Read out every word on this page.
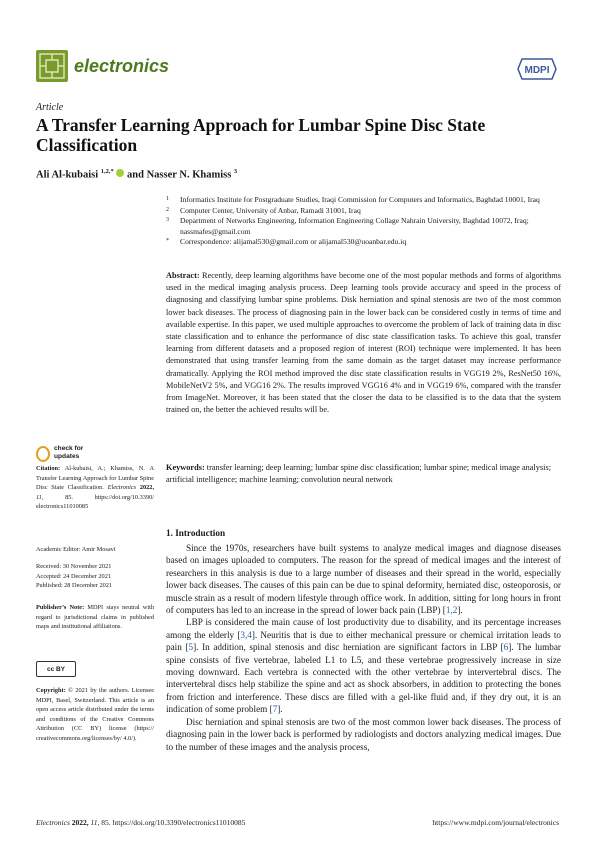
electronics	MDPI
Article
A Transfer Learning Approach for Lumbar Spine Disc State Classification
Ali Al-kubaisi $^{1,2,*}$ and Nasser N. Khamiss $^3$
1	Informatics Institute for Postgraduate Studies, Iraqi Commission for Computers and Informatics, Baghdad 10001, Iraq
2	Computer Center, University of Anbar, Ramadi 31001, Iraq
3	Department of Networks Engineering, Information Engineering Collage Nahrain University, Baghdad 10072, Iraq; nassmafes@gmail.com
*	Correspondence: alijamal530@gmail.com or alijamal530@uoanbar.edu.iq
Abstract: Recently, deep learning algorithms have become one of the most popular methods and forms of algorithms used in the medical imaging analysis process. Deep learning tools provide accuracy and speed in the process of diagnosing and classifying lumbar spine problems. Disk herniation and spinal stenosis are two of the most common lower back diseases. The process of diagnosing pain in the lower back can be considered costly in terms of time and available expertise. In this paper, we used multiple approaches to overcome the problem of lack of training data in disc state classification and to enhance the performance of disc state classification tasks. To achieve this goal, transfer learning from different datasets and a proposed region of interest (ROI) technique were implemented. It has been demonstrated that using transfer learning from the same domain as the target dataset may increase performance dramatically. Applying the ROI method improved the disc state classification results in VGG19 2%, ResNet50 16%, MobileNetV2 5%, and VGG16 2%. The results improved VGG16 4% and in VGG19 6%, compared with the transfer from ImageNet. Moreover, it has been stated that the closer the data to be classified is to the data that the system trained on, the better the achieved results will be.
Keywords: transfer learning; deep learning; lumbar spine disc classification; lumbar spine; medical image analysis; artificial intelligence; machine learning; convolution neural network
check for
updates
Citation: Al-kubaisi, A.; Khamiss, N. A Transfer Learning Approach for Lumbar Spine Disc State Classification. Electronics 2022, 11,	85. https://doi.org/10.3390/ electronics11010085
Academic Editor: Amir Mosavi
Received: 30 November 2021
Accepted: 24 December 2021
Published: 28 December 2021
Publisher’s Note: MDPI stays neutral with regard to jurisdictional claims in published maps and institutional affiliations.
cc BY
Copyright: © 2021 by the authors. Licensee MDPI, Basel, Switzerland. This article is an open access article distributed under the terms and conditions of the Creative Commons Attribution (CC BY) license (https:// creativecommons.org/licenses/by/ 4.0/).
1. Introduction

Since the 1970s, researchers have built systems to analyze medical images and diagnose diseases based on images uploaded to computers. The reason for the spread of medical images and the interest of researchers in this analysis is due to a large number of diseases and their spread in the world, especially lower back diseases. The causes of this pain can be due to spinal deformity, herniated disc, osteoporosis, or muscle strain as a result of modern lifestyle through office work. In addition, sitting for long hours in front of computers has led to an increase in the spread of lower back pain (LBP) [1,2].

LBP is considered the main cause of lost productivity due to disability, and its percentage increases among the elderly [3,4]. Neuritis that is due to either mechanical pressure or chemical irritation leads to pain [5]. In addition, spinal stenosis and disc herniation are significant factors in LBP [6]. The lumbar spine consists of five vertebrae, labeled L1 to L5, and these vertebrae progressively increase in size moving downward. Each vertebra is connected with the other vertebrae by intervertebral discs. The intervertebral discs help stabilize the spine and act as shock absorbers, in addition to protecting the bones from friction and interference. These discs are filled with a gel-like fluid and, if they dry out, it is an indication of some problem [7].

Disc herniation and spinal stenosis are two of the most common lower back diseases. The process of diagnosing pain in the lower back is performed by radiologists and doctors analyzing medical images. Due to the number of these images and the analysis process,

Electronics 2022, 11, 85. https://doi.org/10.3390/electronics11010085	https://www.mdpi.com/journal/electronics
